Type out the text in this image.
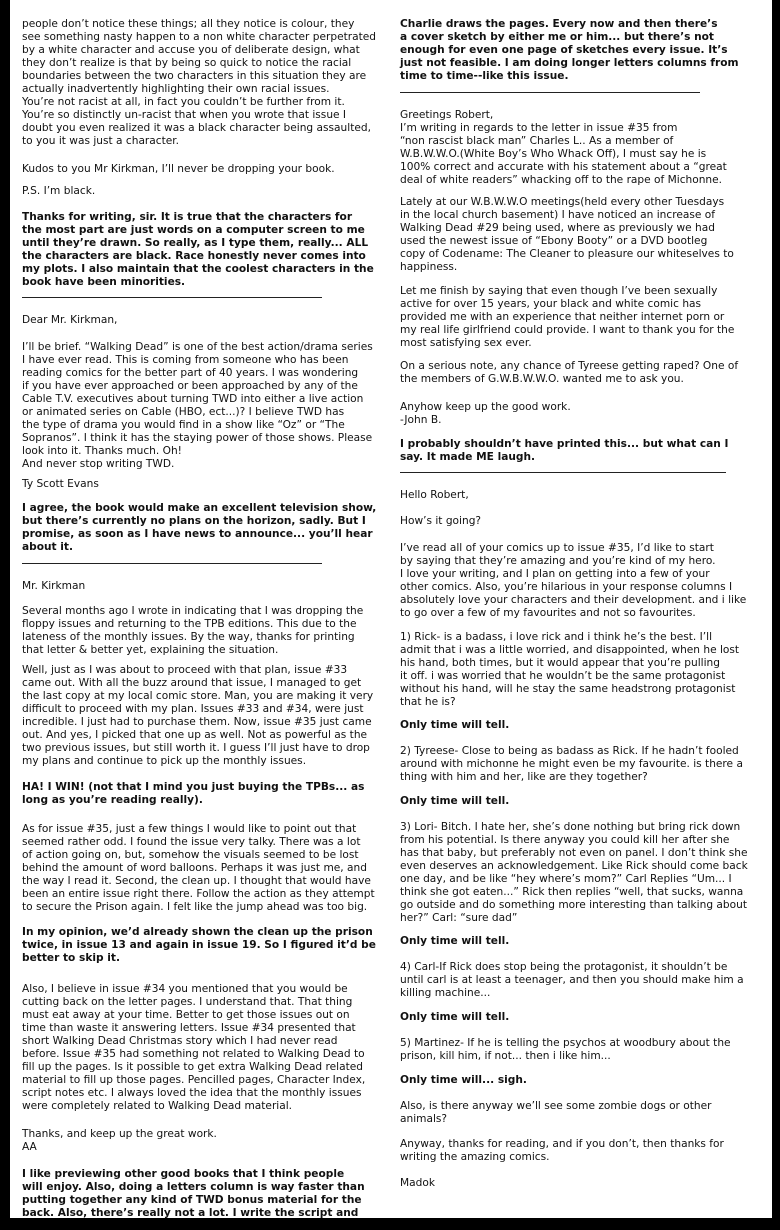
people don’t notice these things; all they notice is colour, they
see something nasty happen to a non white character perpetrated
by a white character and accuse you of deliberate design, what
they don’t realize is that by being so quick to notice the racial
boundaries between the two characters in this situation they are
actually inadvertently highlighting their own racial issues.
You’re not racist at all, in fact you couldn’t be further from it.
You’re so distinctly un-racist that when you wrote that issue I
doubt you even realized it was a black character being assaulted,
to you it was just a character.

Kudos to you Mr Kirkman, I’ll never be dropping your book.

P.S. I’m black.

Thanks for writing, sir. It is true that the characters for
the most part are just words on a computer screen to me
until they’re drawn. So really, as I type them, really... ALL
the characters are black. Race honestly never comes into
my plots. I also maintain that the coolest characters in the
book have been minorities.

Dear Mr. Kirkman,

I’ll be brief. “Walking Dead” is one of the best action/drama series
I have ever read. This is coming from someone who has been
reading comics for the better part of 40 years. I was wondering
if you have ever approached or been approached by any of the
Cable T.V. executives about turning TWD into either a live action
or animated series on Cable (HBO, ect...)? I believe TWD has
the type of drama you would find in a show like “Oz” or “The
Sopranos”. I think it has the staying power of those shows. Please
look into it. Thanks much. Oh!
And never stop writing TWD.

Ty Scott Evans

I agree, the book would make an excellent television show,
but there’s currently no plans on the horizon, sadly. But I
promise, as soon as I have news to announce... you’ll hear
about it.

Mr. Kirkman

Several months ago I wrote in indicating that I was dropping the
floppy issues and returning to the TPB editions. This due to the
lateness of the monthly issues. By the way, thanks for printing
that letter & better yet, explaining the situation.

Well, just as I was about to proceed with that plan, issue #33
came out. With all the buzz around that issue, I managed to get
the last copy at my local comic store. Man, you are making it very
difficult to proceed with my plan. Issues #33 and #34, were just
incredible. I just had to purchase them. Now, issue #35 just came
out. And yes, I picked that one up as well. Not as powerful as the
two previous issues, but still worth it. I guess I’ll just have to drop
my plans and continue to pick up the monthly issues.

HA! I WIN! (not that I mind you just buying the TPBs... as
long as you’re reading really).

As for issue #35, just a few things I would like to point out that
seemed rather odd. I found the issue very talky. There was a lot
of action going on, but, somehow the visuals seemed to be lost
behind the amount of word balloons. Perhaps it was just me, and
the way I read it. Second, the clean up. I thought that would have
been an entire issue right there. Follow the action as they attempt
to secure the Prison again. I felt like the jump ahead was too big.

In my opinion, we’d already shown the clean up the prison
twice, in issue 13 and again in issue 19. So I figured it’d be
better to skip it.

Also, I believe in issue #34 you mentioned that you would be
cutting back on the letter pages. I understand that. That thing
must eat away at your time. Better to get those issues out on
time than waste it answering letters. Issue #34 presented that
short Walking Dead Christmas story which I had never read
before. Issue #35 had something not related to Walking Dead to
fill up the pages. Is it possible to get extra Walking Dead related
material to fill up those pages. Pencilled pages, Character Index,
script notes etc. I always loved the idea that the monthly issues
were completely related to Walking Dead material.

Thanks, and keep up the great work.
AA

I like previewing other good books that I think people
will enjoy. Also, doing a letters column is way faster than
putting together any kind of TWD bonus material for the
back. Also, there’s really not a lot. I write the script and

Charlie draws the pages. Every now and then there’s
a cover sketch by either me or him... but there’s not
enough for even one page of sketches every issue. It’s
just not feasible. I am doing longer letters columns from
time to time--like this issue.

Greetings Robert,
I’m writing in regards to the letter in issue #35 from
“non rascist black man” Charles L.. As a member of
W.B.W.W.O.(White Boy’s Who Whack Off), I must say he is
100% correct and accurate with his statement about a “great
deal of white readers” whacking off to the rape of Michonne.

Lately at our W.B.W.W.O meetings(held every other Tuesdays
in the local church basement) I have noticed an increase of
Walking Dead #29 being used, where as previously we had
used the newest issue of “Ebony Booty” or a DVD bootleg
copy of Codename: The Cleaner to pleasure our whiteselves to
happiness.

Let me finish by saying that even though I’ve been sexually
active for over 15 years, your black and white comic has
provided me with an experience that neither internet porn or
my real life girlfriend could provide. I want to thank you for the
most satisfying sex ever.

On a serious note, any chance of Tyreese getting raped? One of
the members of G.W.B.W.W.O. wanted me to ask you.

Anyhow keep up the good work.
-John B.

I probably shouldn’t have printed this... but what can I
say. It made ME laugh.

Hello Robert,

How’s it going?

I’ve read all of your comics up to issue #35, I’d like to start
by saying that they’re amazing and you’re kind of my hero.
I love your writing, and I plan on getting into a few of your
other comics. Also, you’re hilarious in your response columns I
absolutely love your characters and their development. and i like
to go over a few of my favourites and not so favourites.

1) Rick- is a badass, i love rick and i think he’s the best. I’ll
admit that i was a little worried, and disappointed, when he lost
his hand, both times, but it would appear that you’re pulling
it off. i was worried that he wouldn’t be the same protagonist
without his hand, will he stay the same headstrong protagonist
that he is?

Only time will tell.

2) Tyreese- Close to being as badass as Rick. If he hadn’t fooled
around with michonne he might even be my favourite. is there a
thing with him and her, like are they together?

Only time will tell.

3) Lori- Bitch. I hate her, she’s done nothing but bring rick down
from his potential. Is there anyway you could kill her after she
has that baby, but preferably not even on panel. I don’t think she
even deserves an acknowledgement. Like Rick should come back
one day, and be like “hey where’s mom?” Carl Replies “Um... I
think she got eaten...” Rick then replies “well, that sucks, wanna
go outside and do something more interesting than talking about
her?” Carl: “sure dad”

Only time will tell.

4) Carl-If Rick does stop being the protagonist, it shouldn’t be
until carl is at least a teenager, and then you should make him a
killing machine...

Only time will tell.

5) Martinez- If he is telling the psychos at woodbury about the
prison, kill him, if not... then i like him...

Only time will... sigh.

Also, is there anyway we’ll see some zombie dogs or other
animals?

Anyway, thanks for reading, and if you don’t, then thanks for
writing the amazing comics.

Madok
